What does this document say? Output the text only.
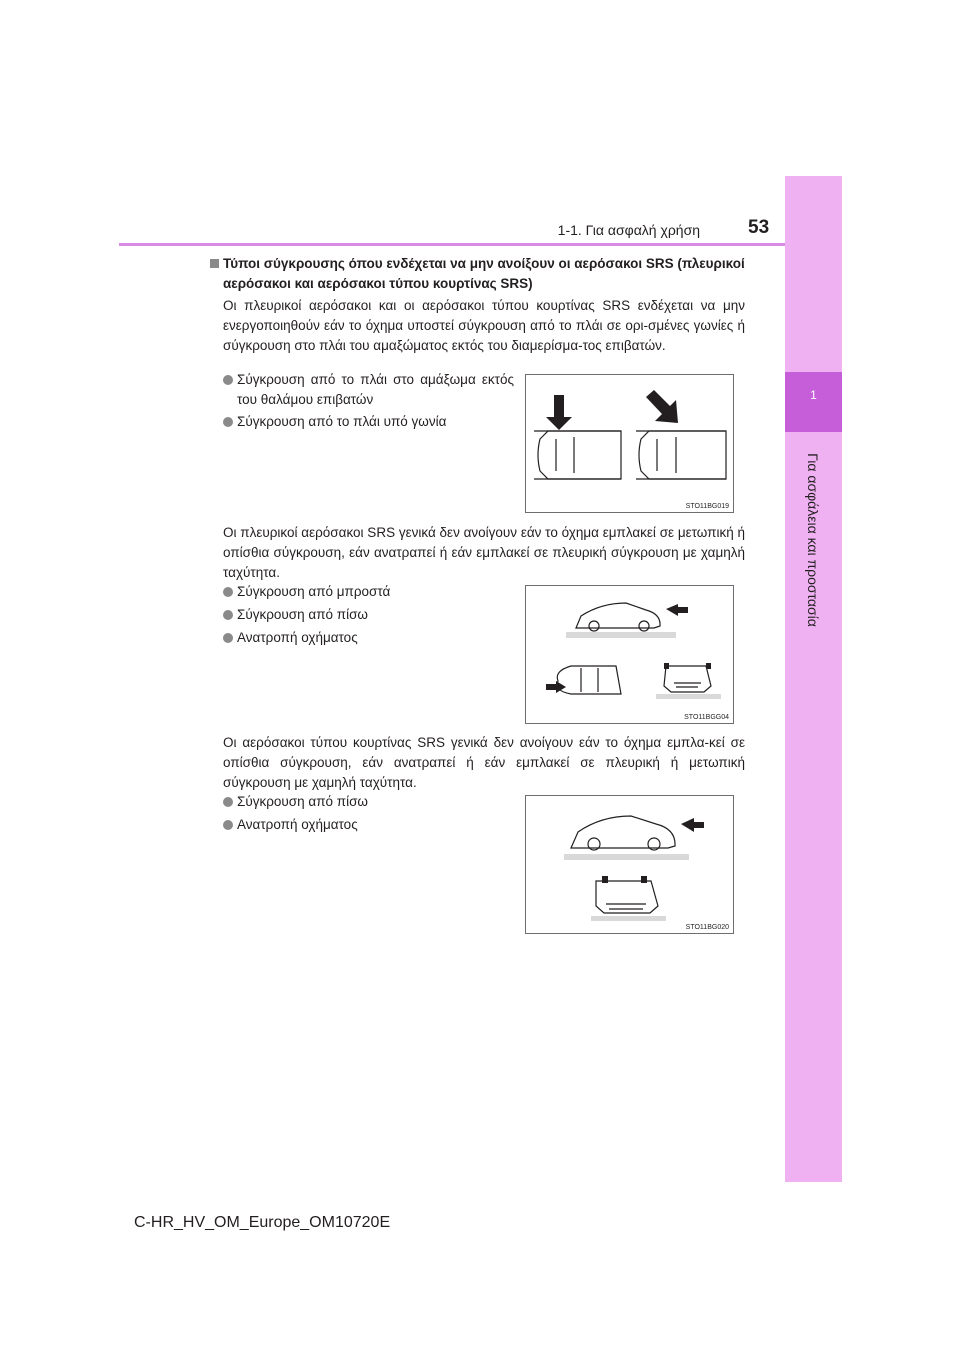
1
Για ασφάλεια και προστασία
1-1. Για ασφαλή χρήση	53
Τύποι σύγκρουσης όπου ενδέχεται να μην ανοίξουν οι αερόσακοι SRS (πλευρικοί αερόσακοι και αερόσακοι τύπου κουρτίνας SRS)
Οι πλευρικοί αερόσακοι και οι αερόσακοι τύπου κουρτίνας SRS ενδέχεται να μην ενεργοποιηθούν εάν το όχημα υποστεί σύγκρουση από το πλάι σε ορι-σμένες γωνίες ή σύγκρουση στο πλάι του αμαξώματος εκτός του διαμερίσμα-τος επιβατών.
Σύγκρουση από το πλάι στο αμάξωμα εκτός του θαλάμου επιβατών
Σύγκρουση από το πλάι υπό γωνία
STO11BG019
Οι πλευρικοί αερόσακοι SRS γενικά δεν ανοίγουν εάν το όχημα εμπλακεί σε μετωπική ή οπίσθια σύγκρουση, εάν ανατραπεί ή εάν εμπλακεί σε πλευρική σύγκρουση με χαμηλή ταχύτητα.
Σύγκρουση από μπροστά
Σύγκρουση από πίσω
Ανατροπή οχήματος
STO11BGG04
Οι αερόσακοι τύπου κουρτίνας SRS γενικά δεν ανοίγουν εάν το όχημα εμπλα-κεί σε οπίσθια σύγκρουση, εάν ανατραπεί ή εάν εμπλακεί σε πλευρική ή μετωπική σύγκρουση με χαμηλή ταχύτητα.
Σύγκρουση από πίσω
Ανατροπή οχήματος
STO11BG020
C-HR_HV_OM_Europe_OM10720E
